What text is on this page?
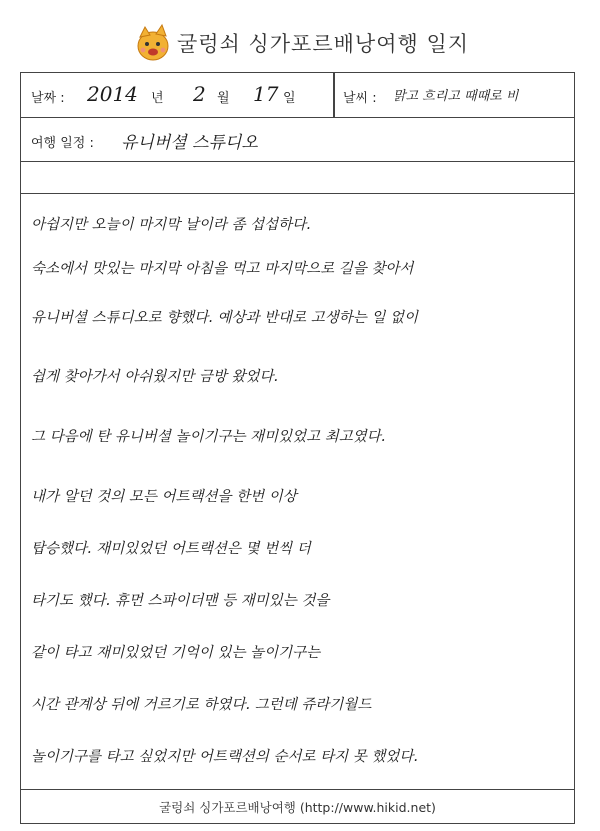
굴렁쇠 싱가포르배낭여행 일지
날짜 : 2014 년 2 월 17 일	날씨 : 맑고 흐리고 때때로 비
여행 일정 : 유니버셜 스튜디오
아쉽지만 오늘이 마지막 날이라 좀 섭섭하다.
숙소에서 맛있는 마지막 아침을 먹고 마지막으로 길을 찾아서
유니버셜 스튜디오로 향했다. 예상과 반대로 고생하는 일 없이
쉽게 찾아가서 아쉬웠지만 금방 왔었다.
그 다음에 탄 유니버셜 놀이기구는 재미있었고 최고였다.
내가 알던 것의 모든 어트랙션을 한번 이상
탑승했다. 재미있었던 어트랙션은 몇 번씩 더
타기도 했다. 휴먼 스파이더맨 등 재미있는 것을
같이 타고 재미있었던 기억이 있는 놀이기구는
시간 관계상 뒤에 거르기로 하였다. 그런데 쥬라기월드
놀이기구를 타고 싶었지만 어트랙션의 순서로 타지 못 했었다.
굴렁쇠 싱가포르배낭여행 (http://www.hikid.net)
